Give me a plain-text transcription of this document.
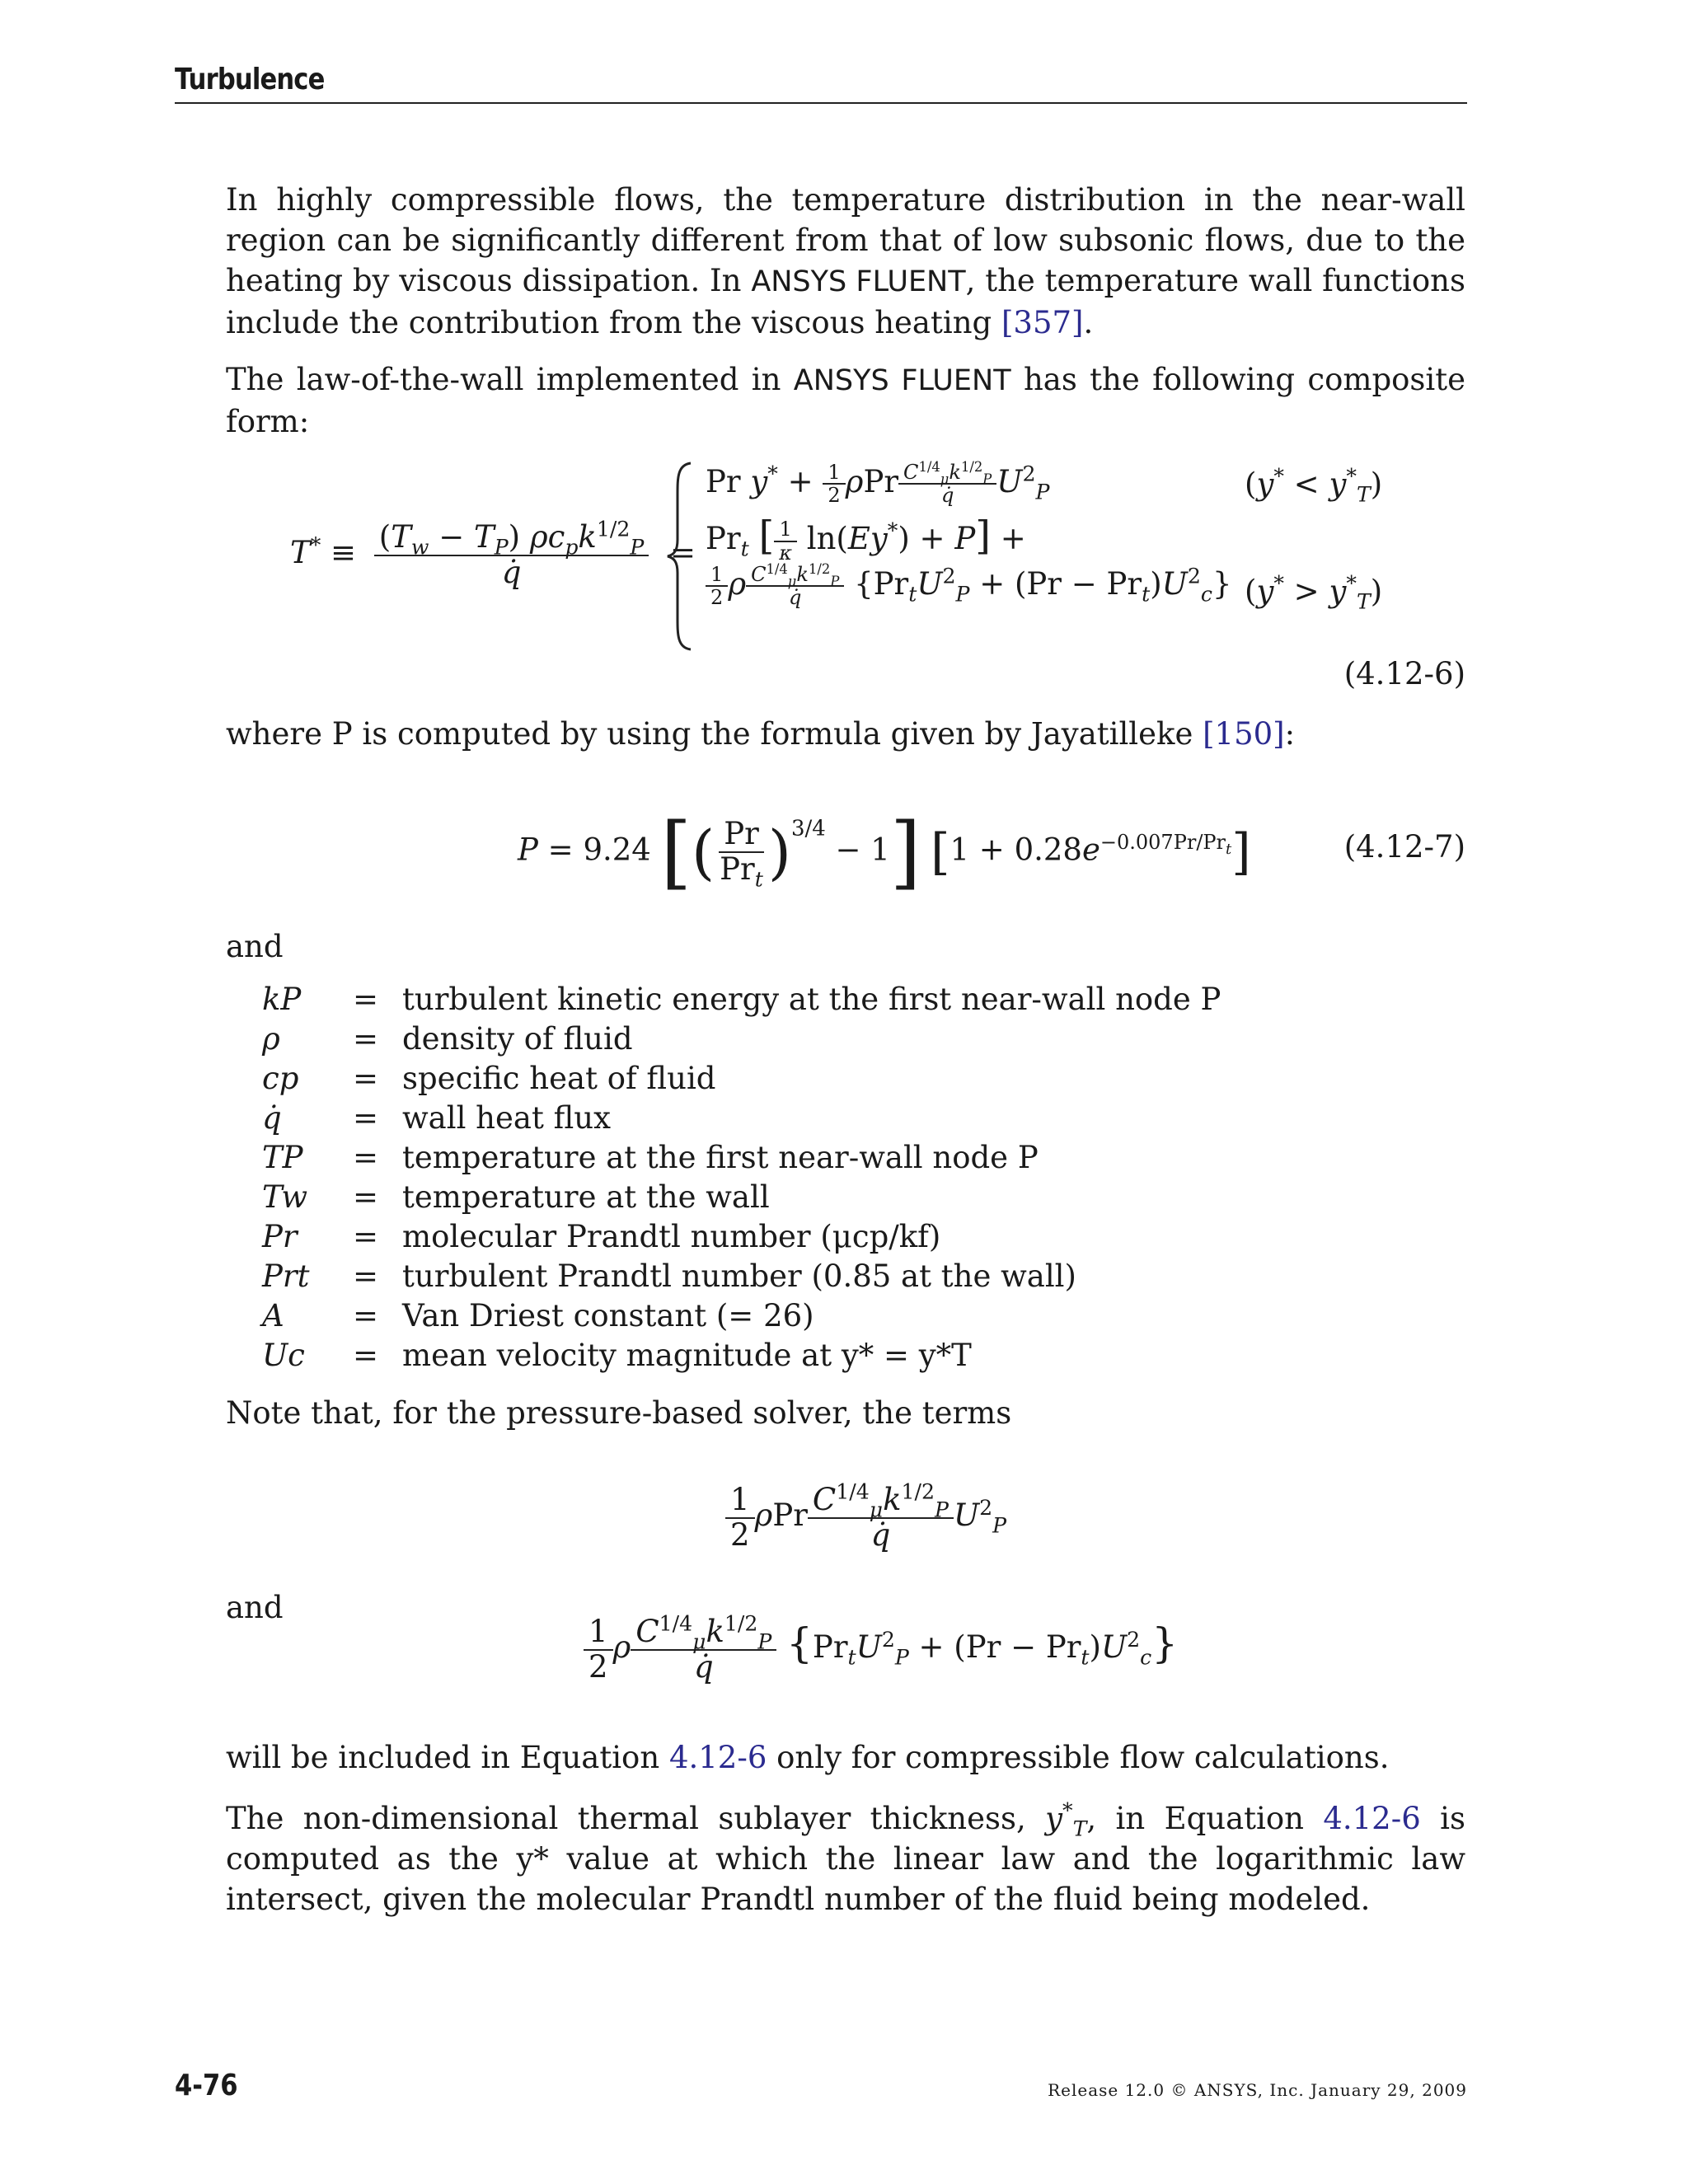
Turbulence

In highly compressible flows, the temperature distribution in the near-wall region can be significantly different from that of low subsonic flows, due to the heating by viscous dissipation. In ANSYS FLUENT, the temperature wall functions include the contribution from the viscous heating [357].

The law-of-the-wall implemented in ANSYS FLUENT has the following composite form:

$T^* \equiv \frac{(T_w - T_P) \rho c_pk^{1/2}_P}{q̇}$ =
Pr $y^* + \frac{1}{2}$ ρPr $\frac{C^{1/4}_\mu k^{1/2}_P}{q̇} U^2_P$
$Pr_t$ [ $\frac{1}{\kappa} \ln(Ey^*) + P$] +
$\frac{1}{2}$ ρ $\frac{C^{1/4}_\mu k^{1/2}_P}{q̇} \{Pr_tU^2_P + (Pr - Pr_t)U^2_c\}$
$(y^* < y^*_T)$
$(y^* > y^*_T)$
(4.12-6)

where P is computed by using the formula given by Jayatilleke [150]:

P = 9.24 [( $\frac{Pr}{Pr_t} )^{3/4} - 1$] $[1 + 0.28e^{-0.007Pr/Pr_t}]$	(4.12-7)
and
kP	=	turbulent kinetic energy at the first near-wall node P
ρ	=	density of fluid
cp	=	specific heat of fluid
q̇	=	wall heat flux
TP	=	temperature at the first near-wall node P
Tw	=	temperature at the wall
Pr	=	molecular Prandtl number (μcp/kf)
Prt	=	turbulent Prandtl number (0.85 at the wall)
A	=	Van Driest constant (= 26)
Uc	=	mean velocity magnitude at y* = y*T
Note that, for the pressure-based solver, the terms
$\frac{1}{2}$ ρPr $\frac{C^{1/4}_\mu k^{1/2}_P}{q̇} U^2_P$
and
$\frac{1}{2}$ ρ $\frac{C^{1/4}_\mu k^{1/2}_P}{q̇} \{Pr_tU^2_P + (Pr - Pr_t)U^2_c\}$

will be included in Equation 4.12-6 only for compressible flow calculations.

The non-dimensional thermal sublayer thickness, $y^*_T$, in Equation 4.12-6 is computed as the y* value at which the linear law and the logarithmic law intersect, given the molecular Prandtl number of the fluid being modeled.

4-76	Release 12.0 © ANSYS, Inc. January 29, 2009
